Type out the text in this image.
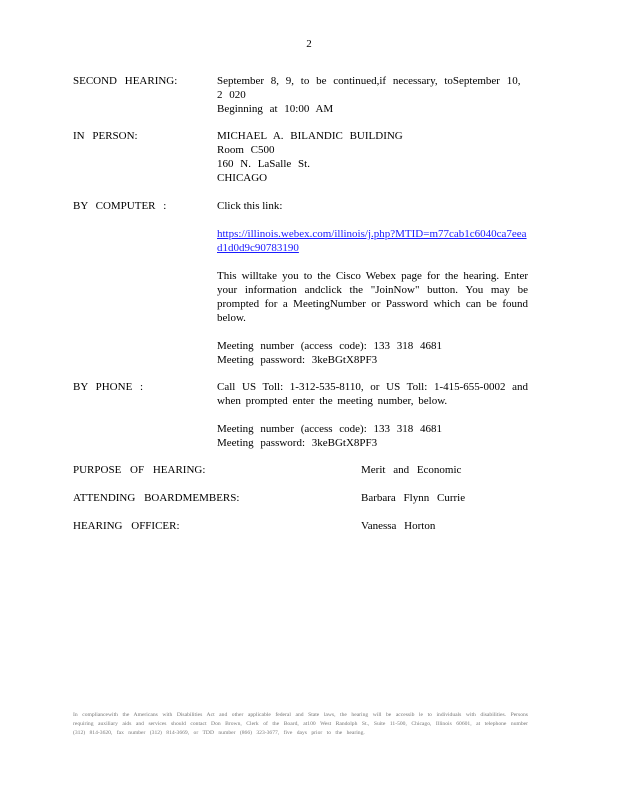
2
SECOND HEARING:	September 8, 9, to be continued,if necessary, toSeptember 10,
2 020
Beginning at 10:00 AM
IN PERSON:	MICHAEL A. BILANDIC BUILDING
Room C500
160 N. LaSalle St.
CHICAGO
BY COMPUTER :	Click this link:

https://illinois.webex.com/illinois/j.php?MTID=m77cab1c6040ca7eead1d0d9c90783190

This willtake you to the Cisco Webex page for the hearing. Enter your information andclick the "JoinNow" button. You may be prompted for a MeetingNumber or Password which can be found below.

Meeting number (access code): 133 318 4681
Meeting password: 3keBGtX8PF3

BY PHONE :	Call US Toll: 1-312-535-8110, or US Toll: 1-415-655-0002 and when prompted enter the meeting number, below.

Meeting number (access code): 133 318 4681
Meeting password: 3keBGtX8PF3

PURPOSE OF HEARING:	Merit and Economic
ATTENDING BOARDMEMBERS:	Barbara Flynn Currie
HEARING OFFICER:	Vanessa Horton
In compliancewith the Americans with Disabilities Act and other applicable federal and State laws, the hearing will be accessib le to individuals with disabilities. Persons requiring auxiliary aids and services should contact Don Brown, Clerk of the Board, at100 West Randolph St., Suite 11-500, Chicago, Illinois 60601, at telephone number (312) 814-3620, fax number (312) 814-3669, or TDD number (866) 323-3677, five days prior to the hearing.
